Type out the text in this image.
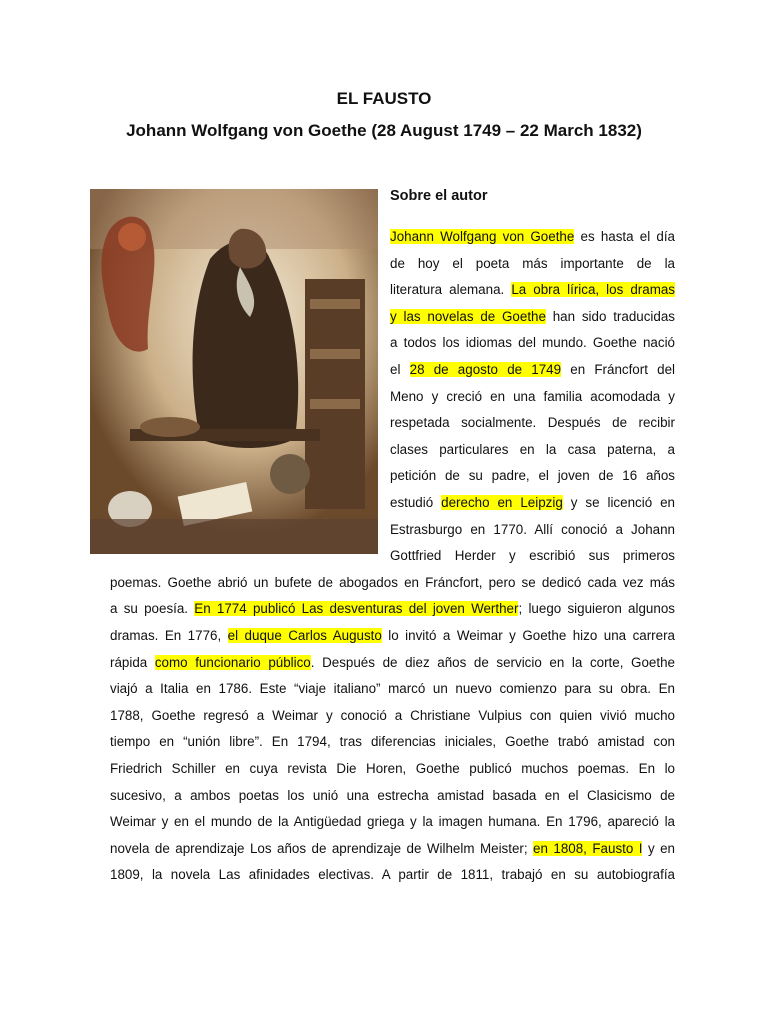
EL FAUSTO
Johann Wolfgang von Goethe (28 August 1749 – 22 March 1832)
Sobre el autor
Johann Wolfgang von Goethe es hasta el día
de hoy el poeta más importante de la
literatura alemana. La obra lírica, los dramas
y las novelas de Goethe han sido traducidas
a todos los idiomas del mundo. Goethe nació
el 28 de agosto de 1749 en Fráncfort del
Meno y creció en una familia acomodada y
respetada socialmente. Después de recibir
clases particulares en la casa paterna, a
petición de su padre, el joven de 16 años
estudió derecho en Leipzig y se licenció en
Estrasburgo en 1770. Allí conoció a Johann
Gottfried Herder y escribió sus primeros
poemas. Goethe abrió un bufete de abogados en Fráncfort, pero se dedicó cada vez más
a su poesía. En 1774 publicó Las desventuras del joven Werther; luego siguieron algunos
dramas. En 1776, el duque Carlos Augusto lo invitó a Weimar y Goethe hizo una carrera
rápida como funcionario público. Después de diez años de servicio en la corte, Goethe
viajó a Italia en 1786. Este “viaje italiano” marcó un nuevo comienzo para su obra. En
1788, Goethe regresó a Weimar y conoció a Christiane Vulpius con quien vivió mucho
tiempo en “unión libre”. En 1794, tras diferencias iniciales, Goethe trabó amistad con
Friedrich Schiller en cuya revista Die Horen, Goethe publicó muchos poemas. En lo
sucesivo, a ambos poetas los unió una estrecha amistad basada en el Clasicismo de
Weimar y en el mundo de la Antigüedad griega y la imagen humana. En 1796, apareció la
novela de aprendizaje Los años de aprendizaje de Wilhelm Meister; en 1808, Fausto I y en
1809, la novela Las afinidades electivas. A partir de 1811, trabajó en su autobiografía
